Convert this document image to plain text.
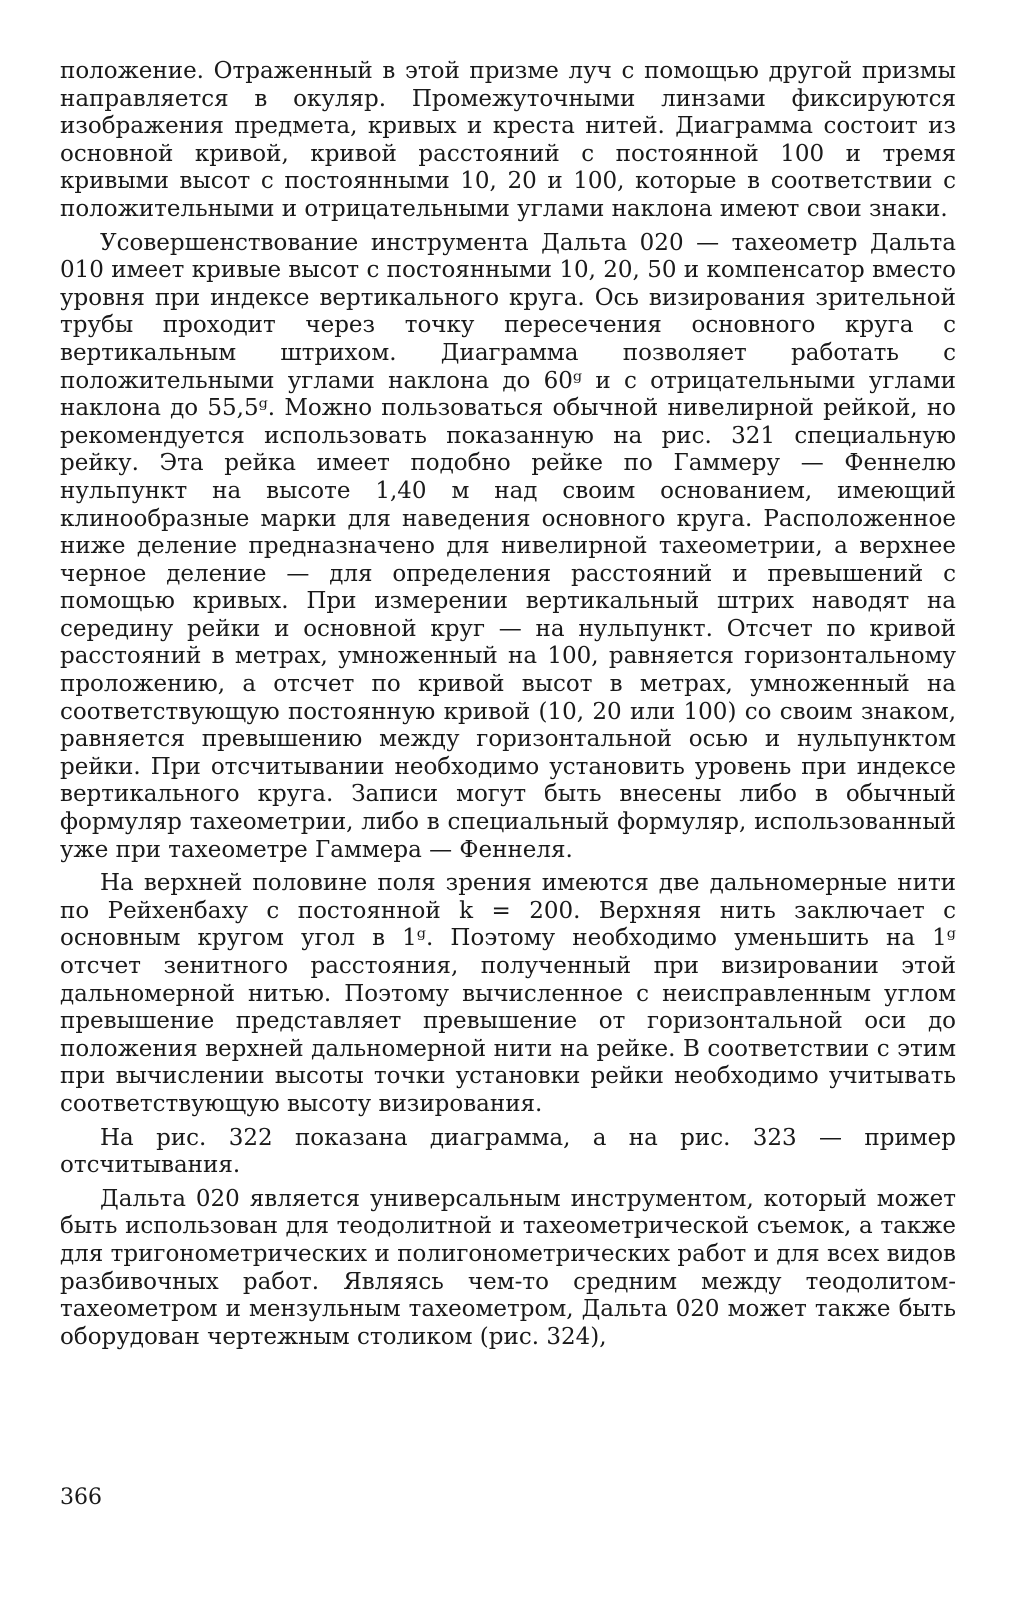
положение. Отраженный в этой призме луч с помощью другой призмы направляется в окуляр. Промежуточными линзами фиксируются изображения предмета, кривых и креста нитей. Диаграмма состоит из основной кривой, кривой расстояний с постоянной 100 и тремя кривыми высот с постоянными 10, 20 и 100, которые в соответствии с положительными и отрицательными углами наклона имеют свои знаки.

Усовершенствование инструмента Дальта 020 — тахеометр Дальта 010 имеет кривые высот с постоянными 10, 20, 50 и компенсатор вместо уровня при индексе вертикального круга. Ось визирования зрительной трубы проходит через точку пересечения основного круга с вертикальным штрихом. Диаграмма позволяет работать с положительными углами наклона до 60ᵍ и с отрицательными углами наклона до 55,5ᵍ. Можно пользоваться обычной нивелирной рейкой, но рекомендуется использовать показанную на рис. 321 специальную рейку. Эта рейка имеет подобно рейке по Гаммеру — Феннелю нульпункт на высоте 1,40 м над своим основанием, имеющий клинообразные марки для наведения основного круга. Расположенное ниже деление предназначено для нивелирной тахеометрии, а верхнее черное деление — для определения расстояний и превышений с помощью кривых. При измерении вертикальный штрих наводят на середину рейки и основной круг — на нульпункт. Отсчет по кривой расстояний в метрах, умноженный на 100, равняется горизонтальному проложению, а отсчет по кривой высот в метрах, умноженный на соответствующую постоянную кривой (10, 20 или 100) со своим знаком, равняется превышению между горизонтальной осью и нульпунктом рейки. При отсчитывании необходимо установить уровень при индексе вертикального круга. Записи могут быть внесены либо в обычный формуляр тахеометрии, либо в специальный формуляр, использованный уже при тахеометре Гаммера — Феннеля.

На верхней половине поля зрения имеются две дальномерные нити по Рейхенбаху с постоянной k = 200. Верхняя нить заключает с основным кругом угол в 1ᵍ. Поэтому необходимо уменьшить на 1ᵍ отсчет зенитного расстояния, полученный при визировании этой дальномерной нитью. Поэтому вычисленное с неисправленным углом превышение представляет превышение от горизонтальной оси до положения верхней дальномерной нити на рейке. В соответствии с этим при вычислении высоты точки установки рейки необходимо учитывать соответствующую высоту визирования.

На рис. 322 показана диаграмма, а на рис. 323 — пример отсчитывания.

Дальта 020 является универсальным инструментом, который может быть использован для теодолитной и тахеометрической съемок, а также для тригонометрических и полигонометрических работ и для всех видов разбивочных работ. Являясь чем-то средним между теодолитом-тахеометром и мензульным тахеометром, Дальта 020 может также быть оборудован чертежным столиком (рис. 324),

366
